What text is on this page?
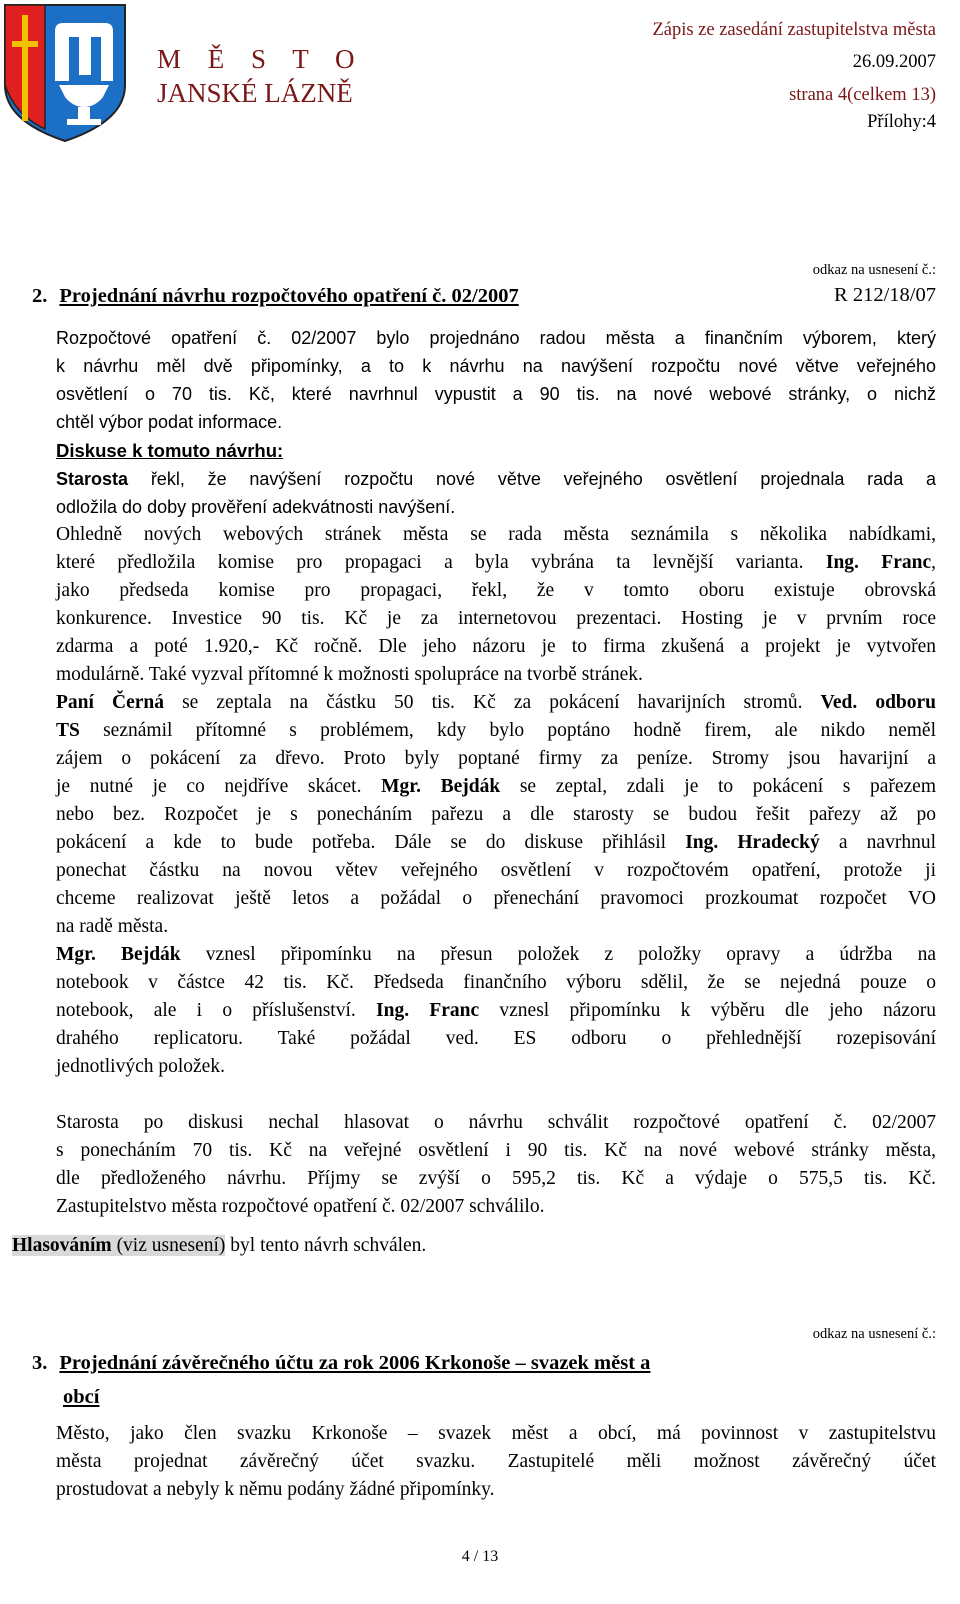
M Ě S T O
JANSKÉ LÁZNĚ
Zápis ze zasedání zastupitelstva města
26.09.2007
strana 4(celkem 13)
Přílohy:4
odkaz na usnesení č.:
2. Projednání návrhu rozpočtového opatření č. 02/2007	R 212/18/07
Rozpočtové opatření č. 02/2007 bylo projednáno radou města a finančním výborem, který
k návrhu měl dvě připomínky, a to k návrhu na navýšení rozpočtu nové větve veřejného
osvětlení o 70 tis. Kč, které navrhnul vypustit a 90 tis. na nové webové stránky, o nichž
chtěl výbor podat informace.
Diskuse k tomuto návrhu:
Starosta řekl, že navýšení rozpočtu nové větve veřejného osvětlení projednala rada a
odložila do doby prověření adekvátnosti navýšení.
Ohledně nových webových stránek města se rada města seznámila s několika nabídkami,
které předložila komise pro propagaci a byla vybrána ta levnější varianta. Ing. Franc,
jako předseda komise pro propagaci, řekl, že v tomto oboru existuje obrovská
konkurence. Investice 90 tis. Kč je za internetovou prezentaci. Hosting je v prvním roce
zdarma a poté 1.920,- Kč ročně. Dle jeho názoru je to firma zkušená a projekt je vytvořen
modulárně. Také vyzval přítomné k možnosti spolupráce na tvorbě stránek.
Paní Černá se zeptala na částku 50 tis. Kč za pokácení havarijních stromů. Ved. odboru
TS seznámil přítomné s problémem, kdy bylo poptáno hodně firem, ale nikdo neměl
zájem o pokácení za dřevo. Proto byly poptané firmy za peníze. Stromy jsou havarijní a
je nutné je co nejdříve skácet. Mgr. Bejdák se zeptal, zdali je to pokácení s pařezem
nebo bez. Rozpočet je s ponecháním pařezu a dle starosty se budou řešit pařezy až po
pokácení a kde to bude potřeba. Dále se do diskuse přihlásil Ing. Hradecký a navrhnul
ponechat částku na novou větev veřejného osvětlení v rozpočtovém opatření, protože ji
chceme realizovat ještě letos a požádal o přenechání pravomoci prozkoumat rozpočet VO
na radě města.
Mgr. Bejdák vznesl připomínku na přesun položek z položky opravy a údržba na
notebook v částce 42 tis. Kč. Předseda finančního výboru sdělil, že se nejedná pouze o
notebook, ale i o příslušenství. Ing. Franc vznesl připomínku k výběru dle jeho názoru
drahého replicatoru. Také požádal ved. ES odboru o přehlednější rozepisování
jednotlivých položek.
Starosta po diskusi nechal hlasovat o návrhu schválit rozpočtové opatření č. 02/2007
s ponecháním 70 tis. Kč na veřejné osvětlení i 90 tis. Kč na nové webové stránky města,
dle předloženého návrhu. Příjmy se zvýší o 595,2 tis. Kč a výdaje o 575,5 tis. Kč.
Zastupitelstvo města rozpočtové opatření č. 02/2007 schválilo.
Hlasováním (viz usnesení) byl tento návrh schválen.
odkaz na usnesení č.:
3. Projednání závěrečného účtu za rok 2006 Krkonoše – svazek měst a
obcí
Město, jako člen svazku Krkonoše – svazek měst a obcí, má povinnost v zastupitelstvu
města projednat závěrečný účet svazku. Zastupitelé měli možnost závěrečný účet
prostudovat a nebyly k němu podány žádné připomínky.
4 / 13
